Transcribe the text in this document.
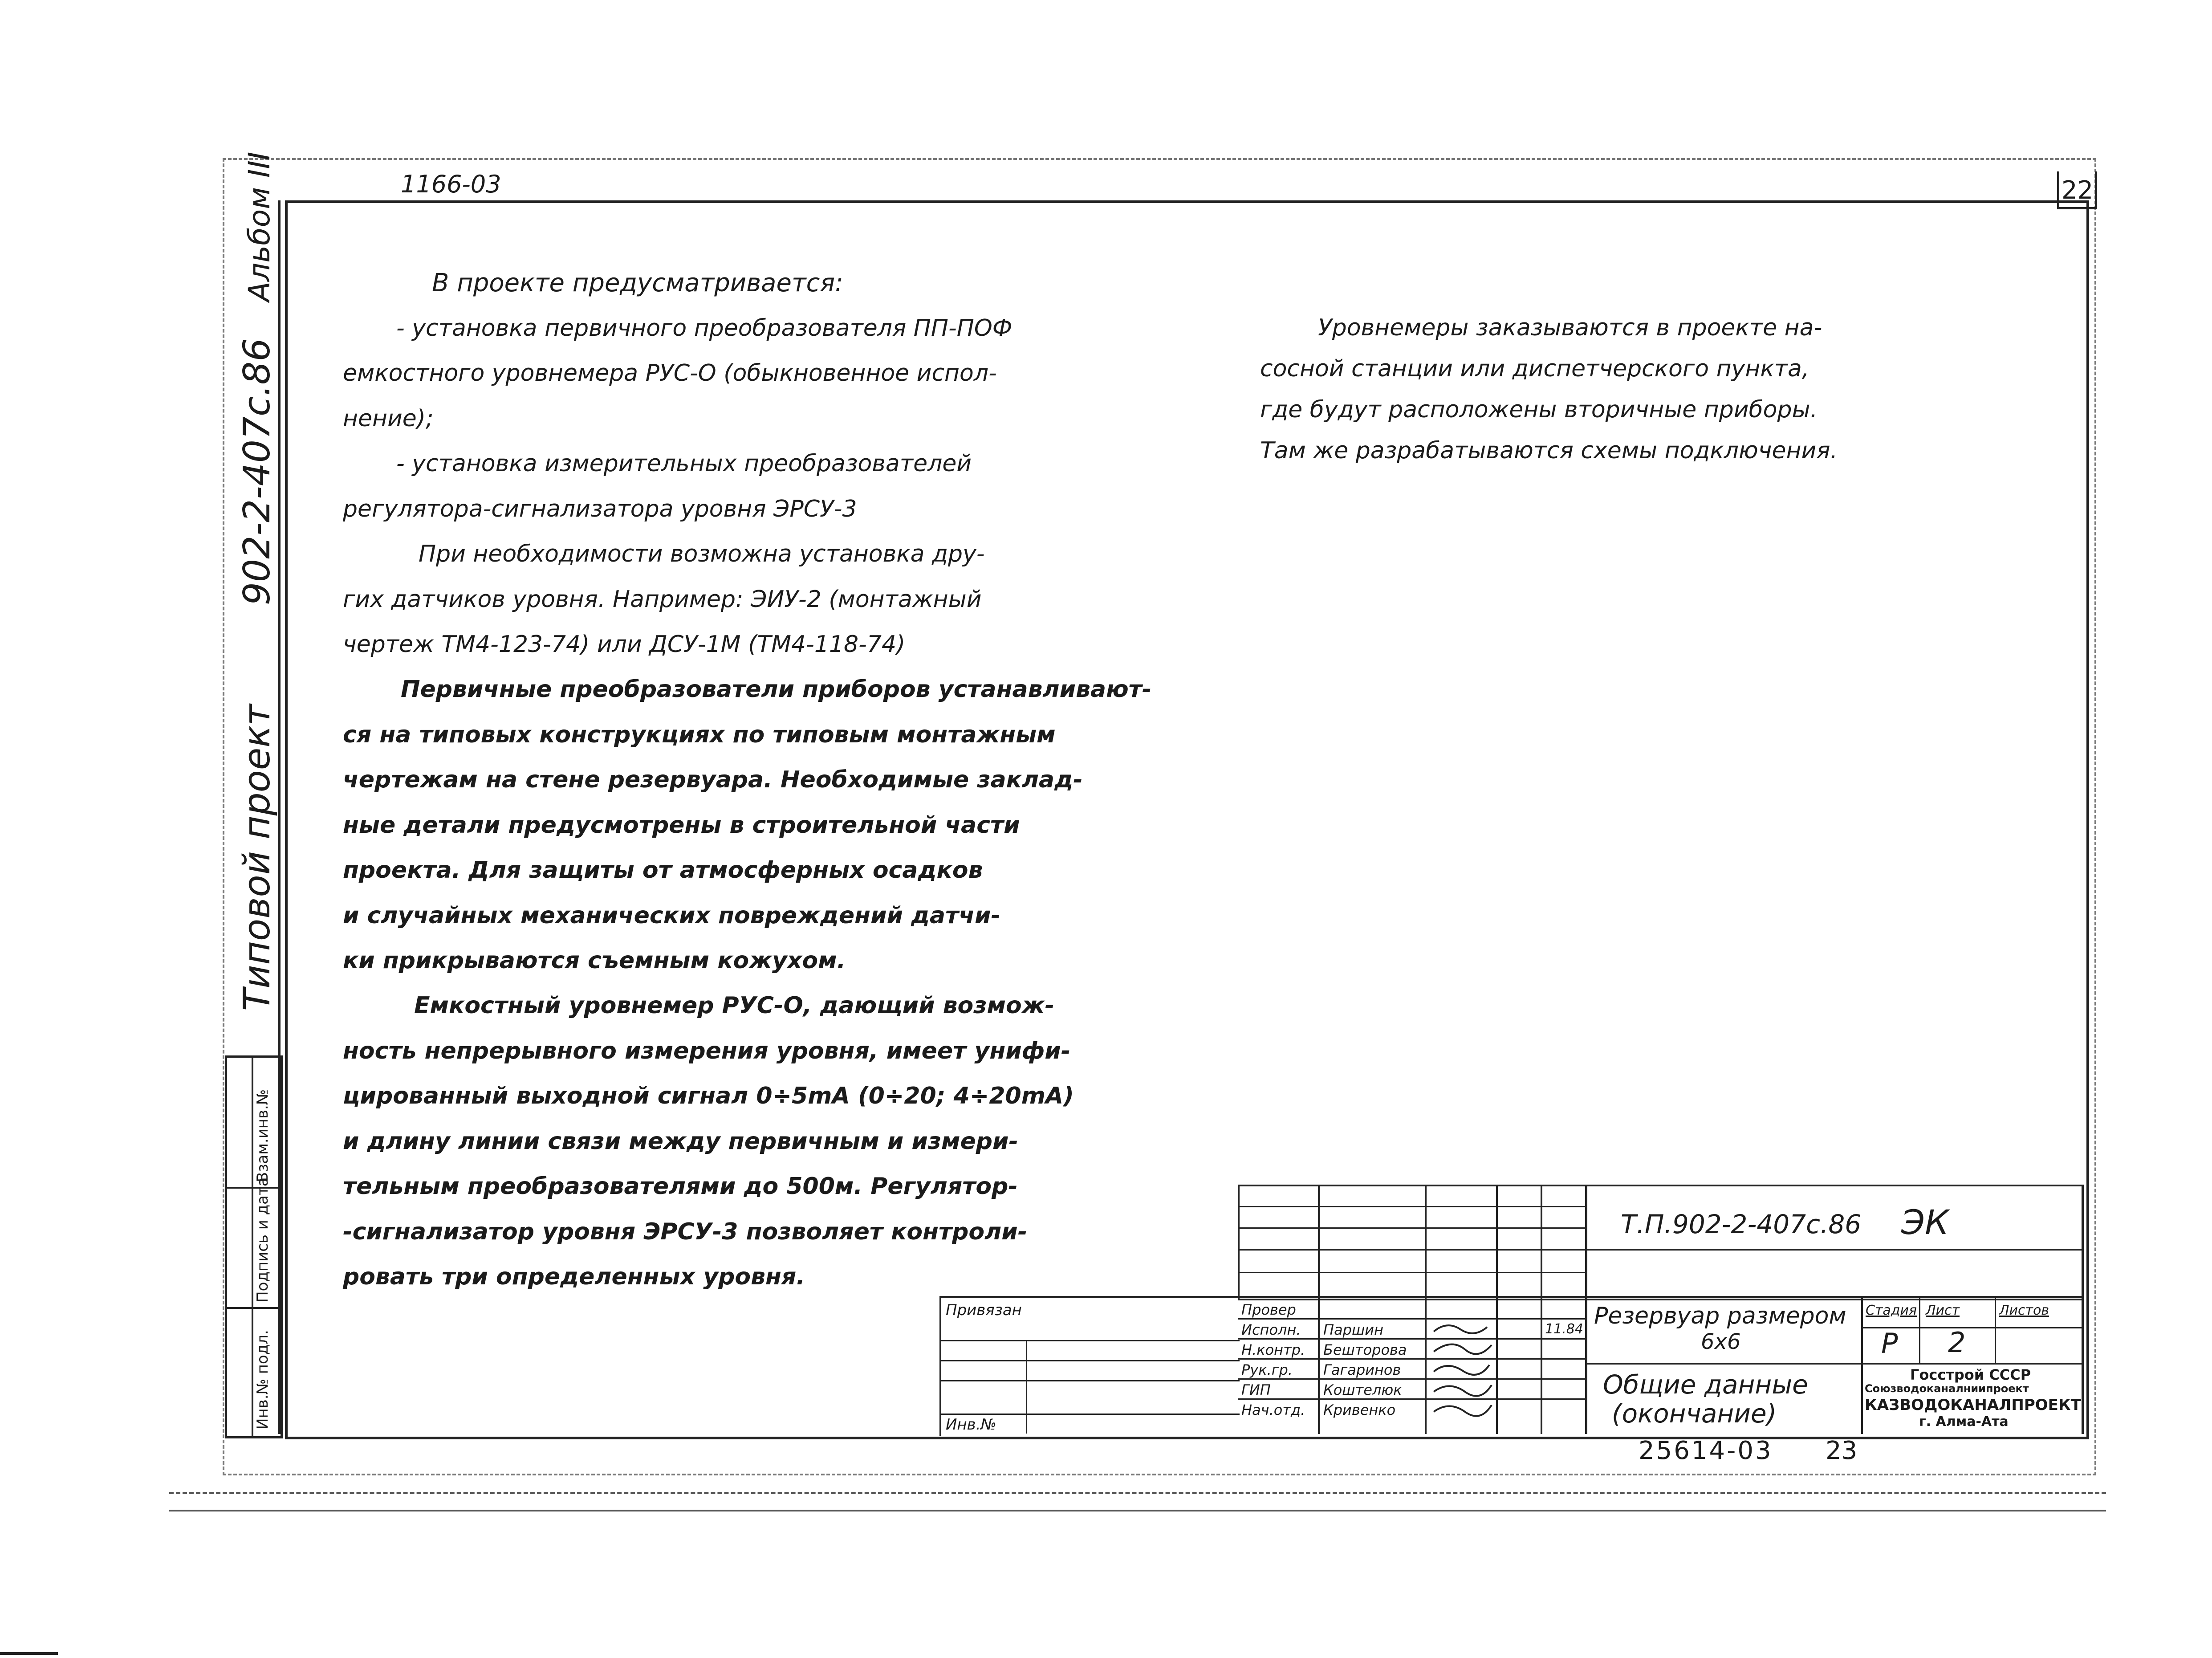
1166-03	22
Типовой проект  902-2-407с.86  Альбом III
Инв.№ подл.
Подпись и дата
Взам.инв.№
В проекте предусматривается:
- установка первичного преобразователя ПП-ПОФ
емкостного уровнемера РУС-О (обыкновенное испол-
нение);
- установка измерительных преобразователей
регулятора-сигнализатора уровня ЭРСУ-3
При необходимости возможна установка дру-
гих датчиков уровня. Например: ЭИУ-2 (монтажный
чертеж ТМ4-123-74) или ДСУ-1М (ТМ4-118-74)
Первичные преобразователи приборов устанавливают-
ся на типовых конструкциях по типовым монтажным
чертежам на стене резервуара. Необходимые заклад-
ные детали предусмотрены в строительной части
проекта. Для защиты от атмосферных осадков
и случайных механических повреждений датчи-
ки прикрываются съемным кожухом.
Емкостный уровнемер РУС-О, дающий возмож-
ность непрерывного измерения уровня, имеет унифи-
цированный выходной сигнал 0÷5mA (0÷20; 4÷20mA)
и длину линии связи между первичным и измери-
тельным преобразователями до 500м. Регулятор-
-сигнализатор уровня ЭРСУ-3 позволяет контроли-
ровать три определенных уровня.
Уровнемеры заказываются в проекте на-
сосной станции или диспетчерского пункта,
где будут расположены вторичные приборы.
Там же разрабатываются схемы подключения.
Т.П.902-2-407с.86 ЭК
Провер
Исполн.
Н.контр.
Рук.гр.
ГИП
Нач.отд.
Паршин
Бешторова
Гагаринов
Коштелюк
Кривенко
11.84 Резервуар размером
6х6
Общие данные
(окончание)
Стадия Лист	Листов
Р 2
Госстрой СССР
Союзводоканалниипроект
КАЗВОДОКАНАЛПРОЕКТ
г. Алма-Ата
Привязан
Инв.№
25614-03 23
